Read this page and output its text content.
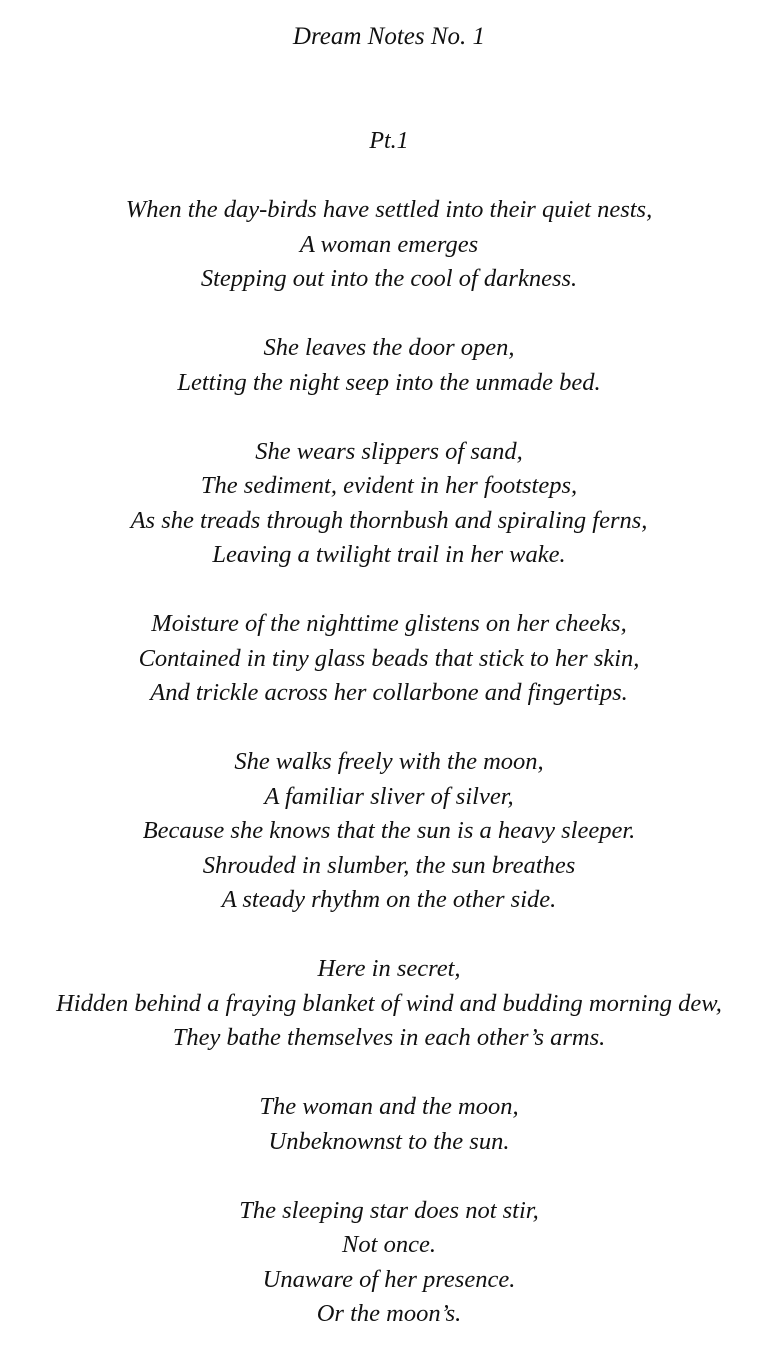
Dream Notes No. 1
Pt.1
When the day-birds have settled into their quiet nests,
A woman emerges
Stepping out into the cool of darkness.
She leaves the door open,
Letting the night seep into the unmade bed.
She wears slippers of sand,
The sediment, evident in her footsteps,
As she treads through thornbush and spiraling ferns,
Leaving a twilight trail in her wake.
Moisture of the nighttime glistens on her cheeks,
Contained in tiny glass beads that stick to her skin,
And trickle across her collarbone and fingertips.
She walks freely with the moon,
A familiar sliver of silver,
Because she knows that the sun is a heavy sleeper.
Shrouded in slumber, the sun breathes
A steady rhythm on the other side.
Here in secret,
Hidden behind a fraying blanket of wind and budding morning dew,
They bathe themselves in each other’s arms.
The woman and the moon,
Unbeknownst to the sun.
The sleeping star does not stir,
Not once.
Unaware of her presence.
Or the moon’s.
